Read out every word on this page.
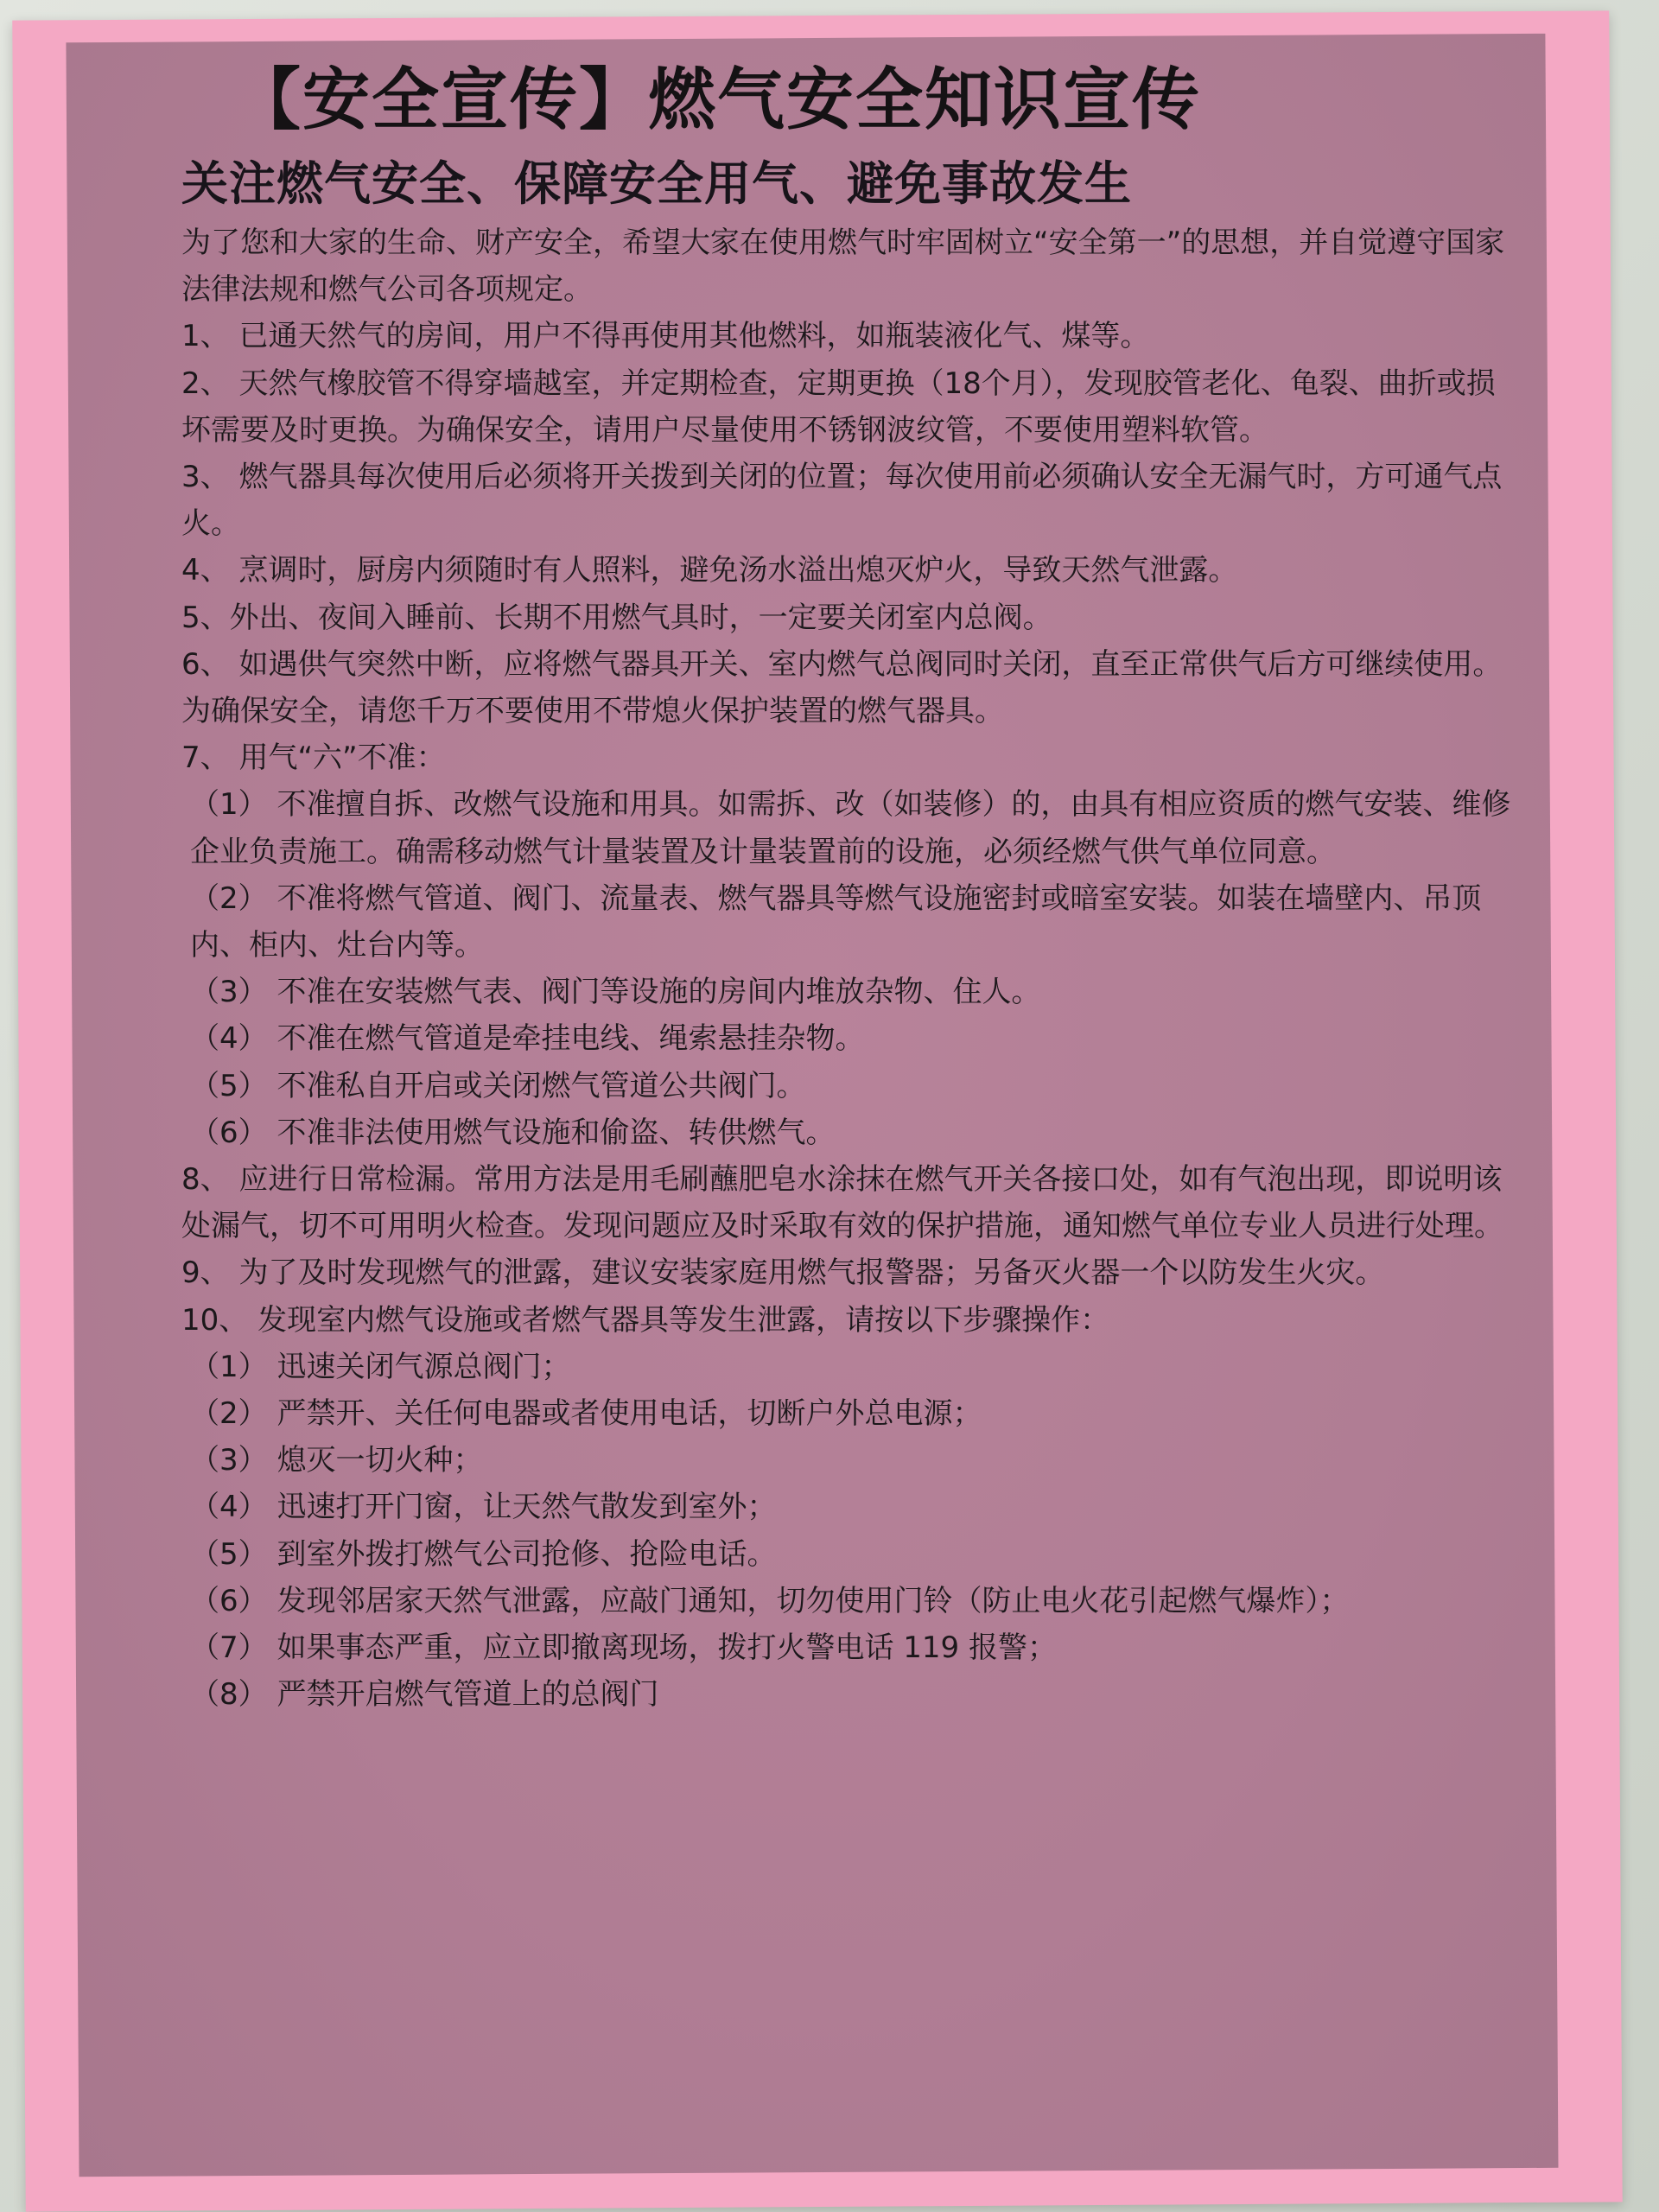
【安全宣传】燃气安全知识宣传
关注燃气安全、保障安全用气、避免事故发生

为了您和大家的生命、财产安全，希望大家在使用燃气时牢固树立“安全第一”的思想，并自觉遵守国家法律法规和燃气公司各项规定。

1、 已通天然气的房间，用户不得再使用其他燃料，如瓶装液化气、煤等。

2、 天然气橡胶管不得穿墙越室，并定期检查，定期更换（18个月），发现胶管老化、龟裂、曲折或损坏需要及时更换。为确保安全，请用户尽量使用不锈钢波纹管，不要使用塑料软管。

3、 燃气器具每次使用后必须将开关拨到关闭的位置；每次使用前必须确认安全无漏气时，方可通气点火。

4、 烹调时，厨房内须随时有人照料，避免汤水溢出熄灭炉火，导致天然气泄露。

5、外出、夜间入睡前、长期不用燃气具时，一定要关闭室内总阀。

6、 如遇供气突然中断，应将燃气器具开关、室内燃气总阀同时关闭，直至正常供气后方可继续使用。为确保安全，请您千万不要使用不带熄火保护装置的燃气器具。

7、 用气“六”不准：

（1） 不准擅自拆、改燃气设施和用具。如需拆、改（如装修）的，由具有相应资质的燃气安装、维修企业负责施工。确需移动燃气计量装置及计量装置前的设施，必须经燃气供气单位同意。

（2） 不准将燃气管道、阀门、流量表、燃气器具等燃气设施密封或暗室安装。如装在墙壁内、吊顶内、柜内、灶台内等。

（3） 不准在安装燃气表、阀门等设施的房间内堆放杂物、住人。

（4） 不准在燃气管道是牵挂电线、绳索悬挂杂物。

（5） 不准私自开启或关闭燃气管道公共阀门。

（6） 不准非法使用燃气设施和偷盗、转供燃气。

8、 应进行日常检漏。常用方法是用毛刷蘸肥皂水涂抹在燃气开关各接口处，如有气泡出现，即说明该处漏气，切不可用明火检查。发现问题应及时采取有效的保护措施，通知燃气单位专业人员进行处理。

9、 为了及时发现燃气的泄露，建议安装家庭用燃气报警器；另备灭火器一个以防发生火灾。

10、 发现室内燃气设施或者燃气器具等发生泄露，请按以下步骤操作：

（1） 迅速关闭气源总阀门；

（2） 严禁开、关任何电器或者使用电话，切断户外总电源；

（3） 熄灭一切火种；

（4） 迅速打开门窗，让天然气散发到室外；

（5） 到室外拨打燃气公司抢修、抢险电话。

（6） 发现邻居家天然气泄露，应敲门通知，切勿使用门铃（防止电火花引起燃气爆炸）；

（7） 如果事态严重，应立即撤离现场，拨打火警电话 119 报警；

（8） 严禁开启燃气管道上的总阀门
